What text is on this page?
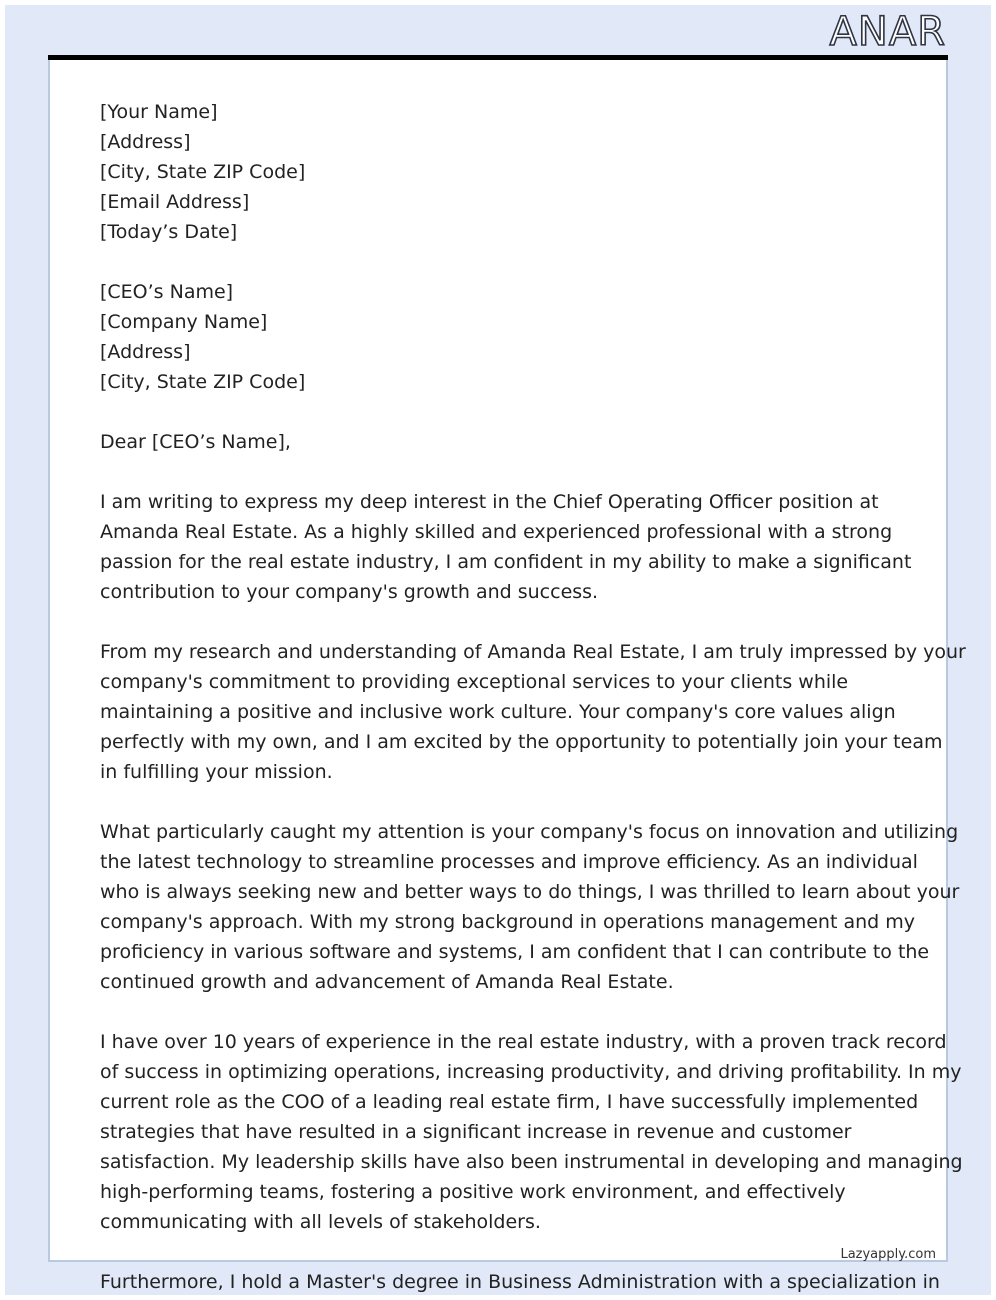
ANAR
[Your Name]
[Address]
[City, State ZIP Code]
[Email Address]
[Today’s Date]
[CEO’s Name]
[Company Name]
[Address]
[City, State ZIP Code]
Dear [CEO’s Name],
I am writing to express my deep interest in the Chief Operating Officer position at
Amanda Real Estate. As a highly skilled and experienced professional with a strong
passion for the real estate industry, I am confident in my ability to make a significant
contribution to your company's growth and success.
From my research and understanding of Amanda Real Estate, I am truly impressed by your
company's commitment to providing exceptional services to your clients while
maintaining a positive and inclusive work culture. Your company's core values align
perfectly with my own, and I am excited by the opportunity to potentially join your team
in fulfilling your mission.
What particularly caught my attention is your company's focus on innovation and utilizing
the latest technology to streamline processes and improve efficiency. As an individual
who is always seeking new and better ways to do things, I was thrilled to learn about your
company's approach. With my strong background in operations management and my
proficiency in various software and systems, I am confident that I can contribute to the
continued growth and advancement of Amanda Real Estate.
I have over 10 years of experience in the real estate industry, with a proven track record
of success in optimizing operations, increasing productivity, and driving profitability. In my
current role as the COO of a leading real estate firm, I have successfully implemented
strategies that have resulted in a significant increase in revenue and customer
satisfaction. My leadership skills have also been instrumental in developing and managing
high-performing teams, fostering a positive work environment, and effectively
communicating with all levels of stakeholders.
Lazyapply.com
Furthermore, I hold a Master's degree in Business Administration with a specialization in
